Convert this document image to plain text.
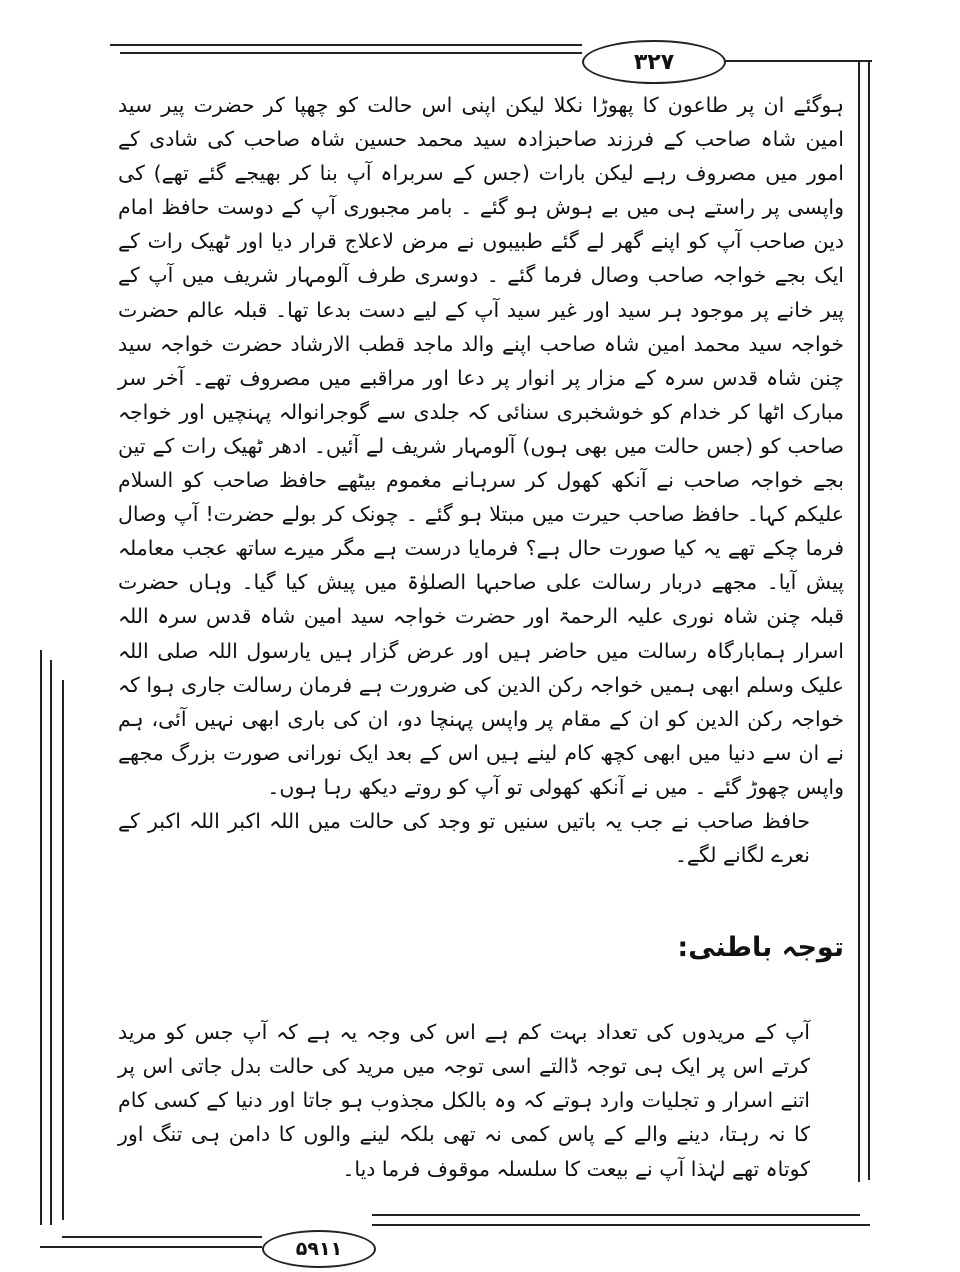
۳۲۷

ہوگئے ان پر طاعون کا پھوڑا نکلا لیکن اپنی اس حالت کو چھپا کر حضرت پیر سید امین شاہ صاحب کے فرزند صاحبزادہ سید محمد حسین شاہ صاحب کی شادی کے امور میں مصروف رہے لیکن بارات (جس کے سربراہ آپ بنا کر بھیجے گئے تھے) کی واپسی پر راستے ہی میں بے ہوش ہو گئے ۔ بامر مجبوری آپ کے دوست حافظ امام دین صاحب آپ کو اپنے گھر لے گئے طبیبوں نے مرض لاعلاج قرار دیا اور ٹھیک رات کے ایک بجے خواجہ صاحب وصال فرما گئے ۔ دوسری طرف آلومہار شریف میں آپ کے پیر خانے پر موجود ہر سید اور غیر سید آپ کے لیے دست بدعا تھا۔ قبلہ عالم حضرت خواجہ سید محمد امین شاہ صاحب اپنے والد ماجد قطب الارشاد حضرت خواجہ سید چنن شاہ قدس سرہ کے مزار پر انوار پر دعا اور مراقبے میں مصروف تھے۔ آخر سر مبارک اٹھا کر خدام کو خوشخبری سنائی کہ جلدی سے گوجرانوالہ پہنچیں اور خواجہ صاحب کو (جس حالت میں بھی ہوں) آلومہار شریف لے آئیں۔ ادھر ٹھیک رات کے تین بجے خواجہ صاحب نے آنکھ کھول کر سرہانے مغموم بیٹھے حافظ صاحب کو السلام علیکم کہا۔ حافظ صاحب حیرت میں مبتلا ہو گئے ۔ چونک کر بولے حضرت! آپ وصال فرما چکے تھے یہ کیا صورت حال ہے؟ فرمایا درست ہے مگر میرے ساتھ عجب معاملہ پیش آیا۔ مجھے دربار رسالت علی صاحبہا الصلوٰۃ میں پیش کیا گیا۔ وہاں حضرت قبلہ چنن شاہ نوری علیہ الرحمۃ اور حضرت خواجہ سید امین شاہ قدس سرہ اللہ اسرار ہمابارگاہ رسالت میں حاضر ہیں اور عرض گزار ہیں یارسول اللہ صلی اللہ علیک وسلم ابھی ہمیں خواجہ رکن الدین کی ضرورت ہے فرمان رسالت جاری ہوا کہ خواجہ رکن الدین کو ان کے مقام پر واپس پہنچا دو، ان کی باری ابھی نہیں آئی، ہم نے ان سے دنیا میں ابھی کچھ کام لینے ہیں اس کے بعد ایک نورانی صورت بزرگ مجھے واپس چھوڑ گئے ۔ میں نے آنکھ کھولی تو آپ کو روتے دیکھ رہا ہوں۔

حافظ صاحب نے جب یہ باتیں سنیں تو وجد کی حالت میں اللہ اکبر اللہ اکبر کے نعرے لگانے لگے۔

توجہ باطنی:

آپ کے مریدوں کی تعداد بہت کم ہے اس کی وجہ یہ ہے کہ آپ جس کو مرید کرتے اس پر ایک ہی توجہ ڈالتے اسی توجہ میں مرید کی حالت بدل جاتی اس پر اتنے اسرار و تجلیات وارد ہوتے کہ وہ بالکل مجذوب ہو جاتا اور دنیا کے کسی کام کا نہ رہتا، دینے والے کے پاس کمی نہ تھی بلکہ لینے والوں کا دامن ہی تنگ اور کوتاہ تھے لہٰذا آپ نے بیعت کا سلسلہ موقوف فرما دیا۔

۵۹۱۱
